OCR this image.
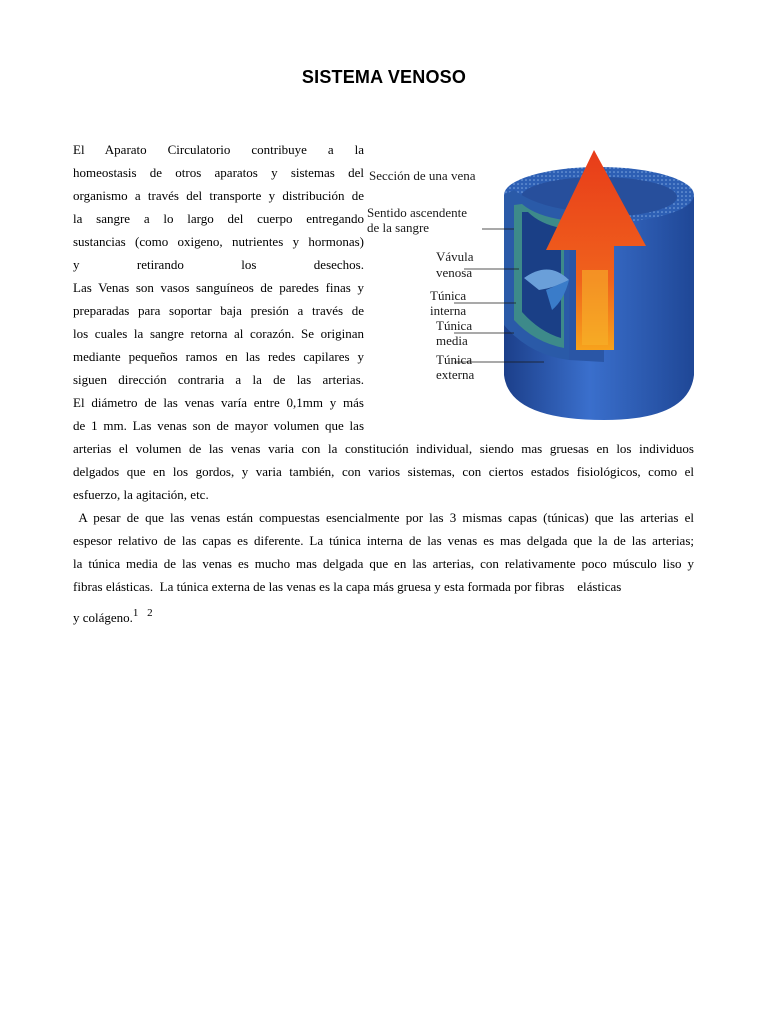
SISTEMA VENOSO
El Aparato Circulatorio contribuye a la
homeostasis de otros aparatos y sistemas del
organismo a través del transporte y distribución de
la sangre a lo largo del cuerpo entregando
sustancias (como oxigeno, nutrientes y hormonas)
y retirando los desechos.
Las Venas son vasos sanguíneos de paredes finas y
preparadas para soportar baja presión a través de
los cuales la sangre retorna al corazón. Se originan
mediante pequeños ramos en las redes capilares y
siguen dirección contraria a la de las arterias.
El diámetro de las venas varía entre 0,1mm y más
de 1 mm. Las venas son de mayor volumen que las
arterias el volumen de las venas varia con la constitución individual, siendo mas gruesas en los individuos
delgados que en los gordos, y varia también, con varios sistemas, con ciertos estados fisiológicos, como el
esfuerzo, la agitación, etc.
A pesar de que las venas están compuestas esencialmente por las 3 mismas capas (túnicas) que las arterias el
espesor relativo de las capas es diferente. La túnica interna de las venas es mas delgada que la de las arterias;
la túnica media de las venas es mucho mas delgada que en las arterias, con relativamente poco músculo liso y
fibras elásticas.  La túnica externa de las venas es la capa más gruesa y esta formada por fibras    elásticas
y colágeno.$^{1 2}$
Sección de una vena
Sentido ascendente
de la sangre
Vávula
venosa
Túnica
interna
Túnica
media
Túnica
externa
